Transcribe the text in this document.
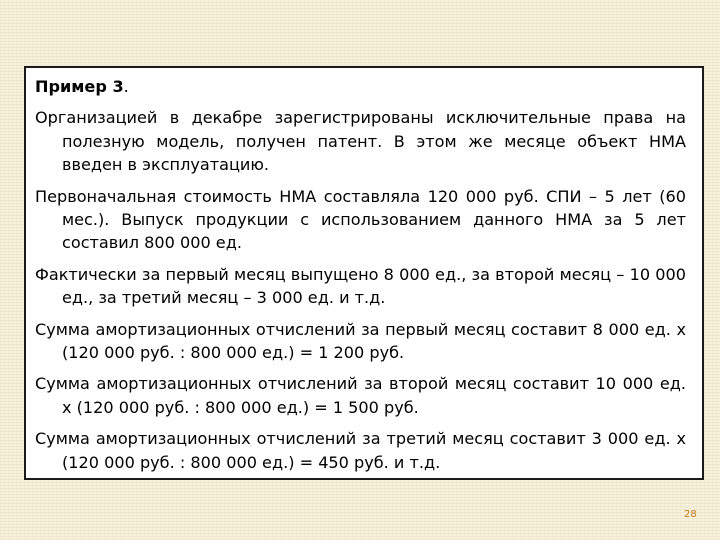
Пример 3.

Организацией в декабре зарегистрированы исключительные права на полезную модель, получен патент. В этом же месяце объект НМА введен в эксплуатацию.

Первоначальная стоимость НМА составляла 120 000 руб. СПИ – 5 лет (60 мес.). Выпуск продукции с использованием данного НМА за 5 лет составил 800 000 ед.

Фактически за первый месяц выпущено 8 000 ед., за второй месяц – 10 000 ед., за третий месяц – 3 000 ед. и т.д.

Сумма амортизационных отчислений за первый месяц составит 8 000 ед. х (120 000 руб. : 800 000 ед.) = 1 200 руб.

Сумма амортизационных отчислений за второй месяц составит 10 000 ед. х (120 000 руб. : 800 000 ед.) = 1 500 руб.

Сумма амортизационных отчислений за третий месяц составит 3 000 ед. х (120 000 руб. : 800 000 ед.) = 450 руб. и т.д.

28
